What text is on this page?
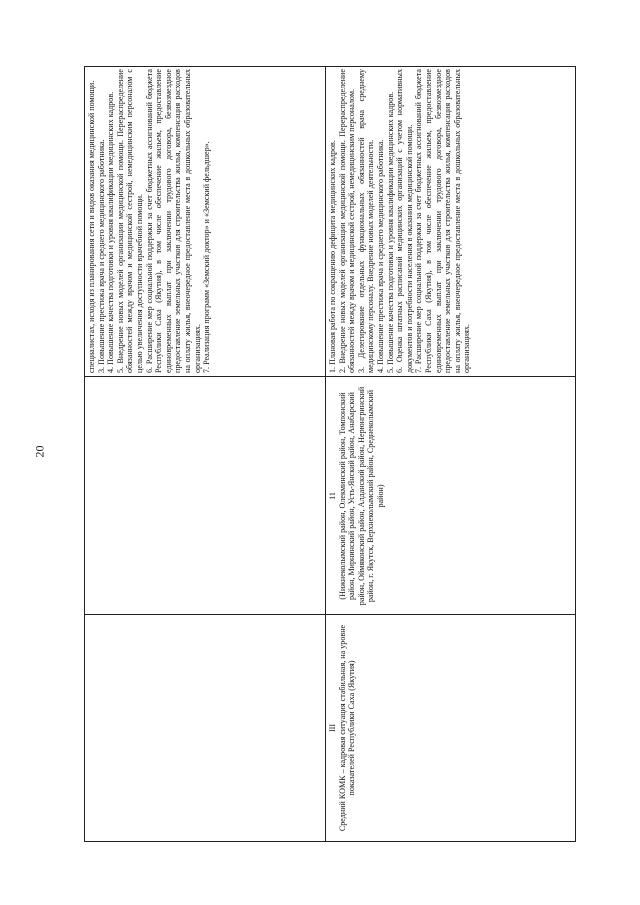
20
специалистах, исходя из планирования сети и видов оказания медицинской помощи. 3. Повышение престижа врача и среднего медицинского работника. 4. Повышение качества подготовки и уровня квалификации медицинских кадров. 5. Внедрение новых моделей организации медицинской помощи. Перераспределение обязанностей между врачом и медицинской сестрой, немедицинским персоналом с целью увеличения доступности врачебной помощи. 6. Расширение мер социальной поддержки за счет бюджетных ассигнований бюджета Республики Саха (Якутия), в том числе обеспечение жильем, предоставление единовременных выплат при заключении трудового договора, безвозмездное предоставление земельных участков для строительства жилья, компенсация расходов на оплату жилья, внеочередное предоставление места в дошкольных образовательных организациях. 7. Реализация программ «Земский доктор» и «Земский фельдшер».
III Средний КОМК – кадровая ситуация стабильная, на уровне показателей Республики Саха (Якутия)
11 (Нижнеколымский район, Олекминский район, Томпонский район, Мирнинский район, Усть-Янский район, Анабарский район, Оймяконский район, Алданский район, Нерюнгринский район, г. Якутск, Верхнеколымский район, Среднеколымский район)
1. Плановая работа по сокращению дефицита медицинских кадров. 2. Внедрение новых моделей организации медицинской помощи. Перераспределение обязанностей между врачом и медицинской сестрой, немедицинским персоналом. 3. Делегирование отдельных функциональных обязанностей врача среднему медицинскому персоналу. Внедрение новых моделей деятельности. 4. Повышение престижа врача и среднего медицинского работника. 5. Повышение качества подготовки и уровня квалификации медицинских кадров. 6. Оценка штатных расписаний медицинских организаций с учетом нормативных документов и потребности населения в оказании медицинской помощи. 7. Расширение мер социальной поддержки за счет бюджетных ассигнований бюджета Республики Саха (Якутия), в том числе обеспечение жильем, предоставление единовременных выплат при заключении трудового договора, безвозмездное предоставление земельных участков для строительства жилья, компенсация расходов на оплату жилья, внеочередное предоставление места в дошкольных образовательных организациях.
